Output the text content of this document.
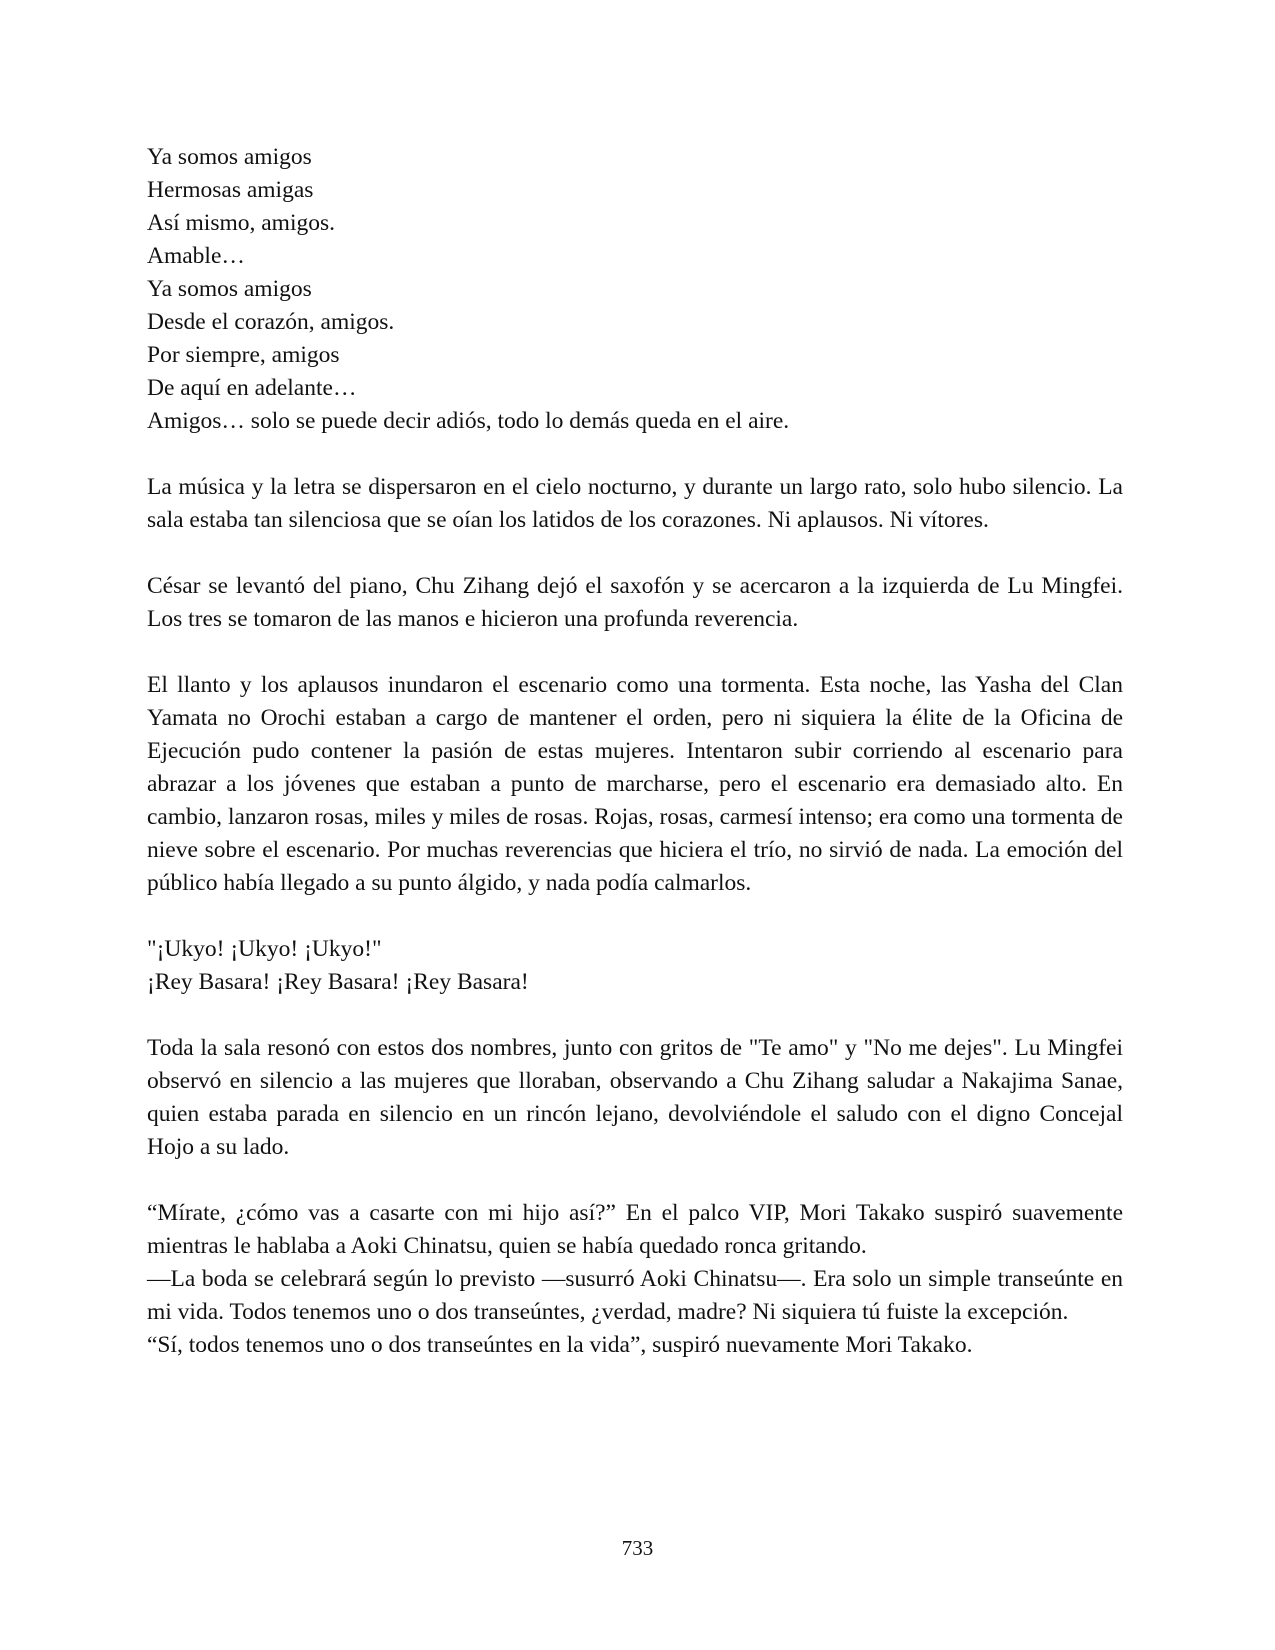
Ya somos amigos

Hermosas amigas

Así mismo, amigos.

Amable…

Ya somos amigos

Desde el corazón, amigos.

Por siempre, amigos

De aquí en adelante…

Amigos… solo se puede decir adiós, todo lo demás queda en el aire.

La música y la letra se dispersaron en el cielo nocturno, y durante un largo rato, solo hubo silencio. La sala estaba tan silenciosa que se oían los latidos de los corazones. Ni aplausos. Ni vítores.

César se levantó del piano, Chu Zihang dejó el saxofón y se acercaron a la izquierda de Lu Mingfei. Los tres se tomaron de las manos e hicieron una profunda reverencia.

El llanto y los aplausos inundaron el escenario como una tormenta. Esta noche, las Yasha del Clan Yamata no Orochi estaban a cargo de mantener el orden, pero ni siquiera la élite de la Oficina de Ejecución pudo contener la pasión de estas mujeres. Intentaron subir corriendo al escenario para abrazar a los jóvenes que estaban a punto de marcharse, pero el escenario era demasiado alto. En cambio, lanzaron rosas, miles y miles de rosas. Rojas, rosas, carmesí intenso; era como una tormenta de nieve sobre el escenario. Por muchas reverencias que hiciera el trío, no sirvió de nada. La emoción del público había llegado a su punto álgido, y nada podía calmarlos.

"¡Ukyo! ¡Ukyo! ¡Ukyo!"

¡Rey Basara! ¡Rey Basara! ¡Rey Basara!

Toda la sala resonó con estos dos nombres, junto con gritos de "Te amo" y "No me dejes". Lu Mingfei observó en silencio a las mujeres que lloraban, observando a Chu Zihang saludar a Nakajima Sanae, quien estaba parada en silencio en un rincón lejano, devolviéndole el saludo con el digno Concejal Hojo a su lado.

“Mírate, ¿cómo vas a casarte con mi hijo así?” En el palco VIP, Mori Takako suspiró suavemente mientras le hablaba a Aoki Chinatsu, quien se había quedado ronca gritando.

—La boda se celebrará según lo previsto —susurró Aoki Chinatsu—. Era solo un simple transeúnte en mi vida. Todos tenemos uno o dos transeúntes, ¿verdad, madre? Ni siquiera tú fuiste la excepción.

“Sí, todos tenemos uno o dos transeúntes en la vida”, suspiró nuevamente Mori Takako.

733
